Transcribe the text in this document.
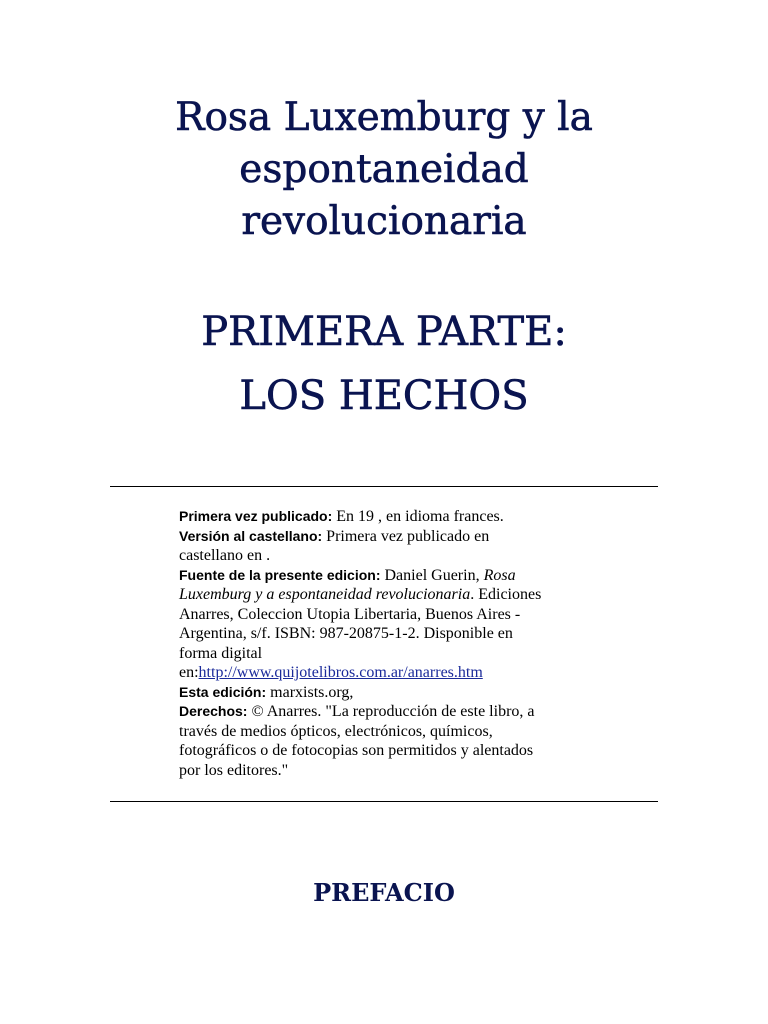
Rosa Luxemburg y la
espontaneidad
revolucionaria
PRIMERA PARTE:
LOS HECHOS
Primera vez publicado: En 19 , en idioma frances.
Versión al castellano: Primera vez publicado en castellano en .
Fuente de la presente edicion: Daniel Guerin, Rosa Luxemburg y a espontaneidad revolucionaria. Ediciones Anarres, Coleccion Utopia Libertaria, Buenos Aires - Argentina, s/f. ISBN: 987-20875-1-2. Disponible en forma digital en:http://www.quijotelibros.com.ar/anarres.htm
Esta edición: marxists.org,
Derechos: © Anarres. "La reproducción de este libro, a través de medios ópticos, electrónicos, químicos, fotográficos o de fotocopias son permitidos y alentados por los editores."
PREFACIO
